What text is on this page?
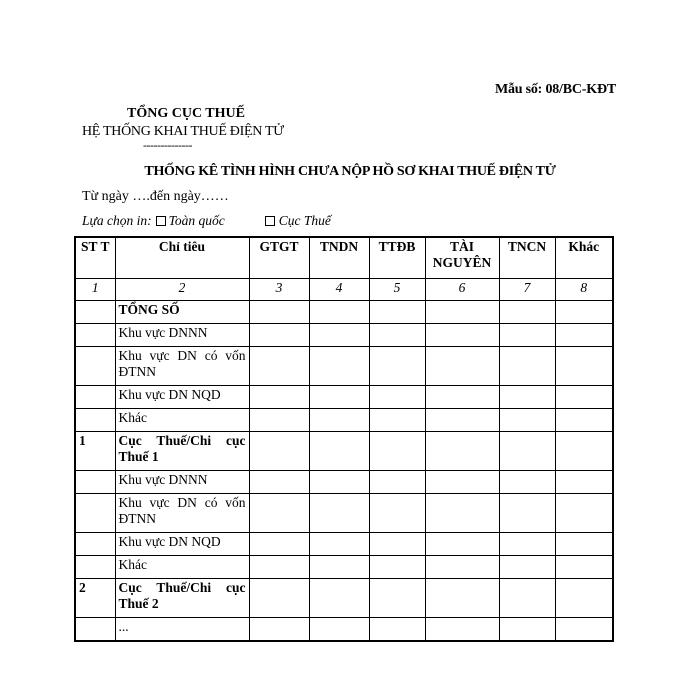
Mẫu số: 08/BC-KĐT
TỔNG CỤC THUẾ
HỆ THỐNG KHAI THUẾ ĐIỆN TỬ
--------------
THỐNG KÊ TÌNH HÌNH CHƯA NỘP HỒ SƠ KHAI THUẾ ĐIỆN TỬ
Từ ngày ….đến ngày……
Lựa chọn in: Toàn quốc	Cục Thuế
ST T	Chỉ tiêu	GTGT	TNDN	TTĐB	TÀI NGUYÊN	TNCN	Khác
1	2	3	4	5	6	7	8
	TỔNG SỐ						
	Khu vực DNNN						
	Khu vực DN có vốn ĐTNN						
	Khu vực DN NQD						
	Khác						
1	Cục Thuế/Chi cục Thuế 1						
	Khu vực DNNN						
	Khu vực DN có vốn ĐTNN						
	Khu vực DN NQD						
	Khác						
2	Cục Thuế/Chi cục Thuế 2						
	...						
